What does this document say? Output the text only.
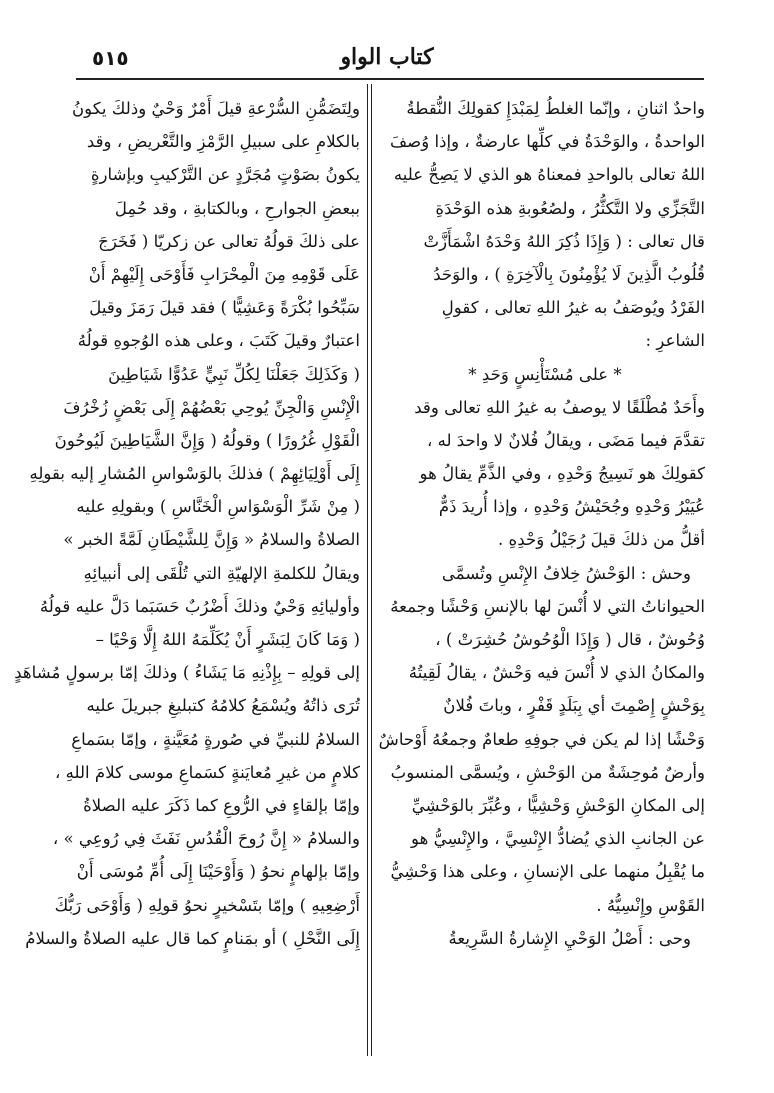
٥١٥	كتاب الواو
واحدٌ اثنانِ ، وإنّما الغلطُ لِمَبْدَإِ كقولِكَ النُّقطةُ
الواحدةُ ، والوَحْدَةُ في كلِّها عارضةٌ ، وإذا وُصفَ
اللهُ تعالى بالواحدِ فمعناهُ هو الذي لا يَصِحُّ عليه
التَّجَزِّي ولا التَّكثُّرُ ، ولصُعُوبةِ هذه الوَحْدَةِ
قال تعالى : ( وَإِذَا ذُكِرَ اللهُ وَحْدَهُ اشْمَأَزَّتْ
قُلُوبُ الَّذِينَ لَا يُؤْمِنُونَ بِالْآخِرَةِ ) ، والوَحَدُ
الفَرْدُ ويُوصَفُ به غيرُ اللهِ تعالى ، كقولِ
الشاعرِ :
* على مُسْتَأْنِسٍ وَحَدِ *
وأَحَدٌ مُطْلَقًا لا يوصفُ به غيرُ اللهِ تعالى وقد
تقدَّمَ فيما مَضَى ، ويقالُ فُلانٌ لا واحدَ له ،
كقولِكَ هو نَسِيجُ وَحْدِهِ ، وفي الذَّمِّ يقالُ هو
عُيَيْرُ وَحْدِهِ وجُحَيْشُ وَحْدِهِ ، وإذا أُريدَ ذَمٌّ
أقلُّ من ذلكَ قيلَ رُجَيْلُ وَحْدِهِ .
وحش : الوَحْشُ خِلافُ الإِنْسِ وتُسمَّى
الحيواناتُ التي لا أُنْسَ لها بالإنسِ وَحْشًا وجمعهُ
وُحُوشٌ ، قال ( وَإِذَا الْوُحُوشُ حُشِرَتْ ) ،
والمكانُ الذي لا أُنْسَ فيه وَحْشٌ ، يقالُ لَقِيتُهُ
بِوَحْشٍ إِصْمِتَ أي بِبَلَدٍ قَفْرٍ ، وباتَ فُلانٌ
وَحْشًا إذا لم يكن في جوفِهِ طعامٌ وجمعُهُ أَوْحاشٌ
وأرضٌ مُوحِشَةٌ من الوَحْشِ ، ويُسمَّى المنسوبُ
إلى المكانِ الوَحْشِ وَحْشِيًّا ، وعُبِّرَ بالوَحْشِيِّ
عن الجانبِ الذي يُضادُّ الإِنْسِيَّ ، والإِنْسِيُّ هو
ما يُقْبِلُ منهما على الإنسانِ ، وعلى هذا وَحْشِيُّ
القَوْسِ وإِنْسِيُّهُ .
وحى : أَصْلُ الوَحْيِ الإِشارةُ السَّرِيعةُ
ولِتَضَمُّنِ السُّرْعةِ قيلَ أَمْرٌ وَحْيٌ وذلكَ يكونُ
بالكلامِ على سبيلِ الرَّمْزِ والتَّعْريضِ ، وقد
يكونُ بصَوْتٍ مُجَرَّدٍ عن التَّرْكيبِ وبإشارةٍ
ببعضِ الجوارحِ ، وبالكتابةِ ، وقد حُمِلَ
على ذلكَ قولُهُ تعالى عن زكريّا ( فَخَرَجَ
عَلَى قَوْمِهِ مِنَ الْمِحْرَابِ فَأَوْحَى إِلَيْهِمْ أَنْ
سَبِّحُوا بُكْرَةً وَعَشِيًّا ) فقد قيلَ رَمَزَ وقيلَ
اعتبارٌ وقيلَ كَتَبَ ، وعلى هذه الوُجوهِ قولُهُ
( وَكَذَلِكَ جَعَلْنَا لِكُلِّ نَبِيٍّ عَدُوًّا شَيَاطِينَ
الْإِنْسِ وَالْجِنِّ يُوحِي بَعْضُهُمْ إِلَى بَعْضٍ زُخْرُفَ
الْقَوْلِ غُرُورًا ) وقولُهُ ( وَإِنَّ الشَّيَاطِينَ لَيُوحُونَ
إِلَى أَوْلِيَائِهِمْ ) فذلكَ بالوَسْواسِ المُشارِ إليه بقولِهِ
( مِنْ شَرِّ الْوَسْوَاسِ الْخَنَّاسِ ) وبقولِهِ عليه
الصلاةُ والسلامُ « وَإِنَّ لِلشَّيْطَانِ لَمَّةً الخبر »
ويقالُ للكلمةِ الإلهيّةِ التي تُلْقَى إلى أنبيائِهِ
وأوليائِهِ وَحْيٌ وذلكَ أَضْرُبٌ حَسَبَما دَلَّ عليه قولُهُ
( وَمَا كَانَ لِبَشَرٍ أَنْ يُكَلِّمَهُ اللهُ إِلَّا وَحْيًا –
إلى قولِهِ – بِإِذْنِهِ مَا يَشَاءُ ) وذلكَ إمّا برسولٍ مُشاهَدٍ
تُرَى ذاتُهُ ويُسْمَعُ كلامُهُ كتبليغِ جبريلَ عليه
السلامُ للنبيِّ في صُورةٍ مُعَيَّنةٍ ، وإمّا بسَماعِ
كلامٍ من غيرِ مُعايَنةٍ كسَماعِ موسى كلامَ اللهِ ،
وإمّا بإلقاءٍ في الرُّوعِ كما ذَكَرَ عليه الصلاةُ
والسلامُ « إِنَّ رُوحَ الْقُدُسِ نَفَثَ فِي رُوعِي » ،
وإمّا بإلهامٍ نحوُ ( وَأَوْحَيْنَا إِلَى أُمِّ مُوسَى أَنْ
أَرْضِعِيهِ ) وإمّا بتَسْخيرٍ نحوُ قولِهِ ( وَأَوْحَى رَبُّكَ
إِلَى النَّحْلِ ) أو بمَنامٍ كما قال عليه الصلاةُ والسلامُ
